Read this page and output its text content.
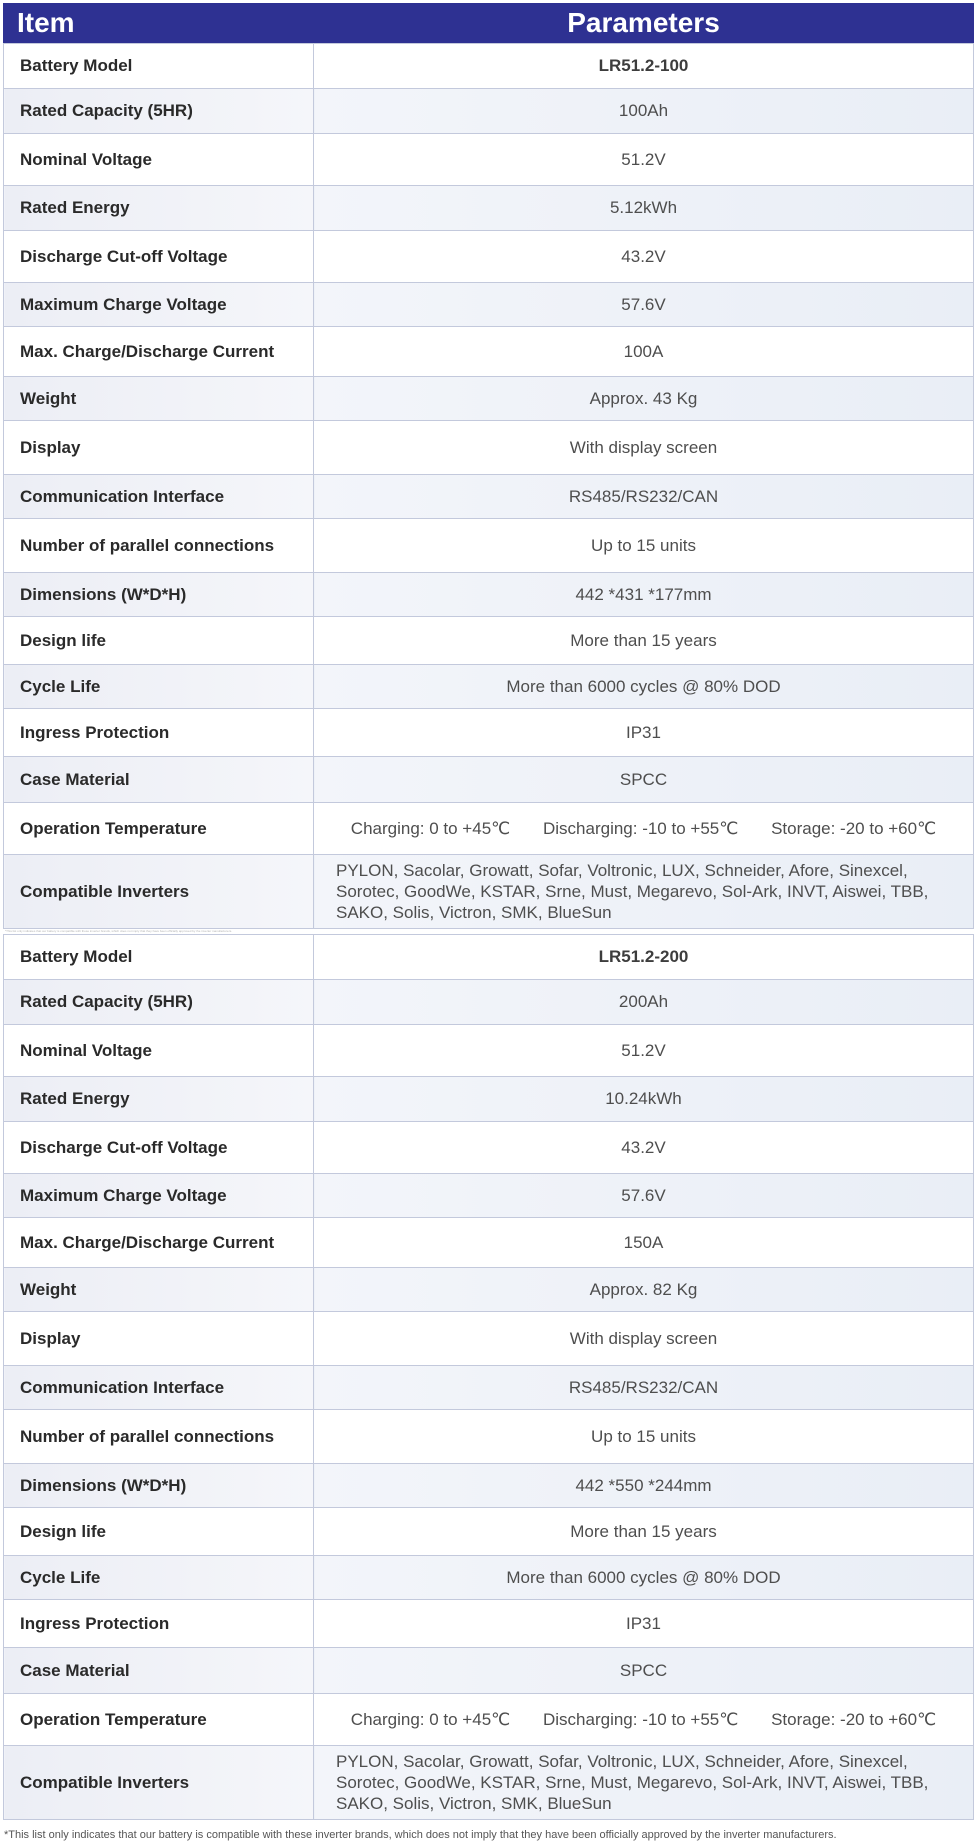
Item	Parameters
Battery Model	LR51.2-100
Rated Capacity (5HR)	100Ah
Nominal Voltage	51.2V
Rated Energy	5.12kWh
Discharge Cut-off Voltage	43.2V
Maximum Charge Voltage	57.6V
Max. Charge/Discharge Current	100A
Weight	Approx. 43 Kg
Display	With display screen
Communication Interface	RS485/RS232/CAN
Number of parallel connections	Up to 15 units
Dimensions (W*D*H)	442 *431 *177mm
Design life	More than 15 years
Cycle Life	More than 6000 cycles @ 80% DOD
Ingress Protection	IP31
Case Material	SPCC
Operation Temperature	Charging: 0 to +45℃ Discharging: -10 to +55℃ Storage: -20 to +60℃
Compatible Inverters	PYLON, Sacolar, Growatt, Sofar, Voltronic, LUX, Schneider, Afore, Sinexcel, Sorotec, GoodWe, KSTAR, Srne, Must, Megarevo, Sol-Ark, INVT, Aiswei, TBB, SAKO, Solis, Victron, SMK, BlueSun
*This list only indicates that our battery is compatible with these inverter brands, which does not imply that they have been officially approved by the inverter manufacturers.
Battery Model	LR51.2-200
Rated Capacity (5HR)	200Ah
Nominal Voltage	51.2V
Rated Energy	10.24kWh
Discharge Cut-off Voltage	43.2V
Maximum Charge Voltage	57.6V
Max. Charge/Discharge Current	150A
Weight	Approx. 82 Kg
Display	With display screen
Communication Interface	RS485/RS232/CAN
Number of parallel connections	Up to 15 units
Dimensions (W*D*H)	442 *550 *244mm
Design life	More than 15 years
Cycle Life	More than 6000 cycles @ 80% DOD
Ingress Protection	IP31
Case Material	SPCC
Operation Temperature	Charging: 0 to +45℃ Discharging: -10 to +55℃ Storage: -20 to +60℃
Compatible Inverters	PYLON, Sacolar, Growatt, Sofar, Voltronic, LUX, Schneider, Afore, Sinexcel, Sorotec, GoodWe, KSTAR, Srne, Must, Megarevo, Sol-Ark, INVT, Aiswei, TBB, SAKO, Solis, Victron, SMK, BlueSun
*This list only indicates that our battery is compatible with these inverter brands, which does not imply that they have been officially approved by the inverter manufacturers.
